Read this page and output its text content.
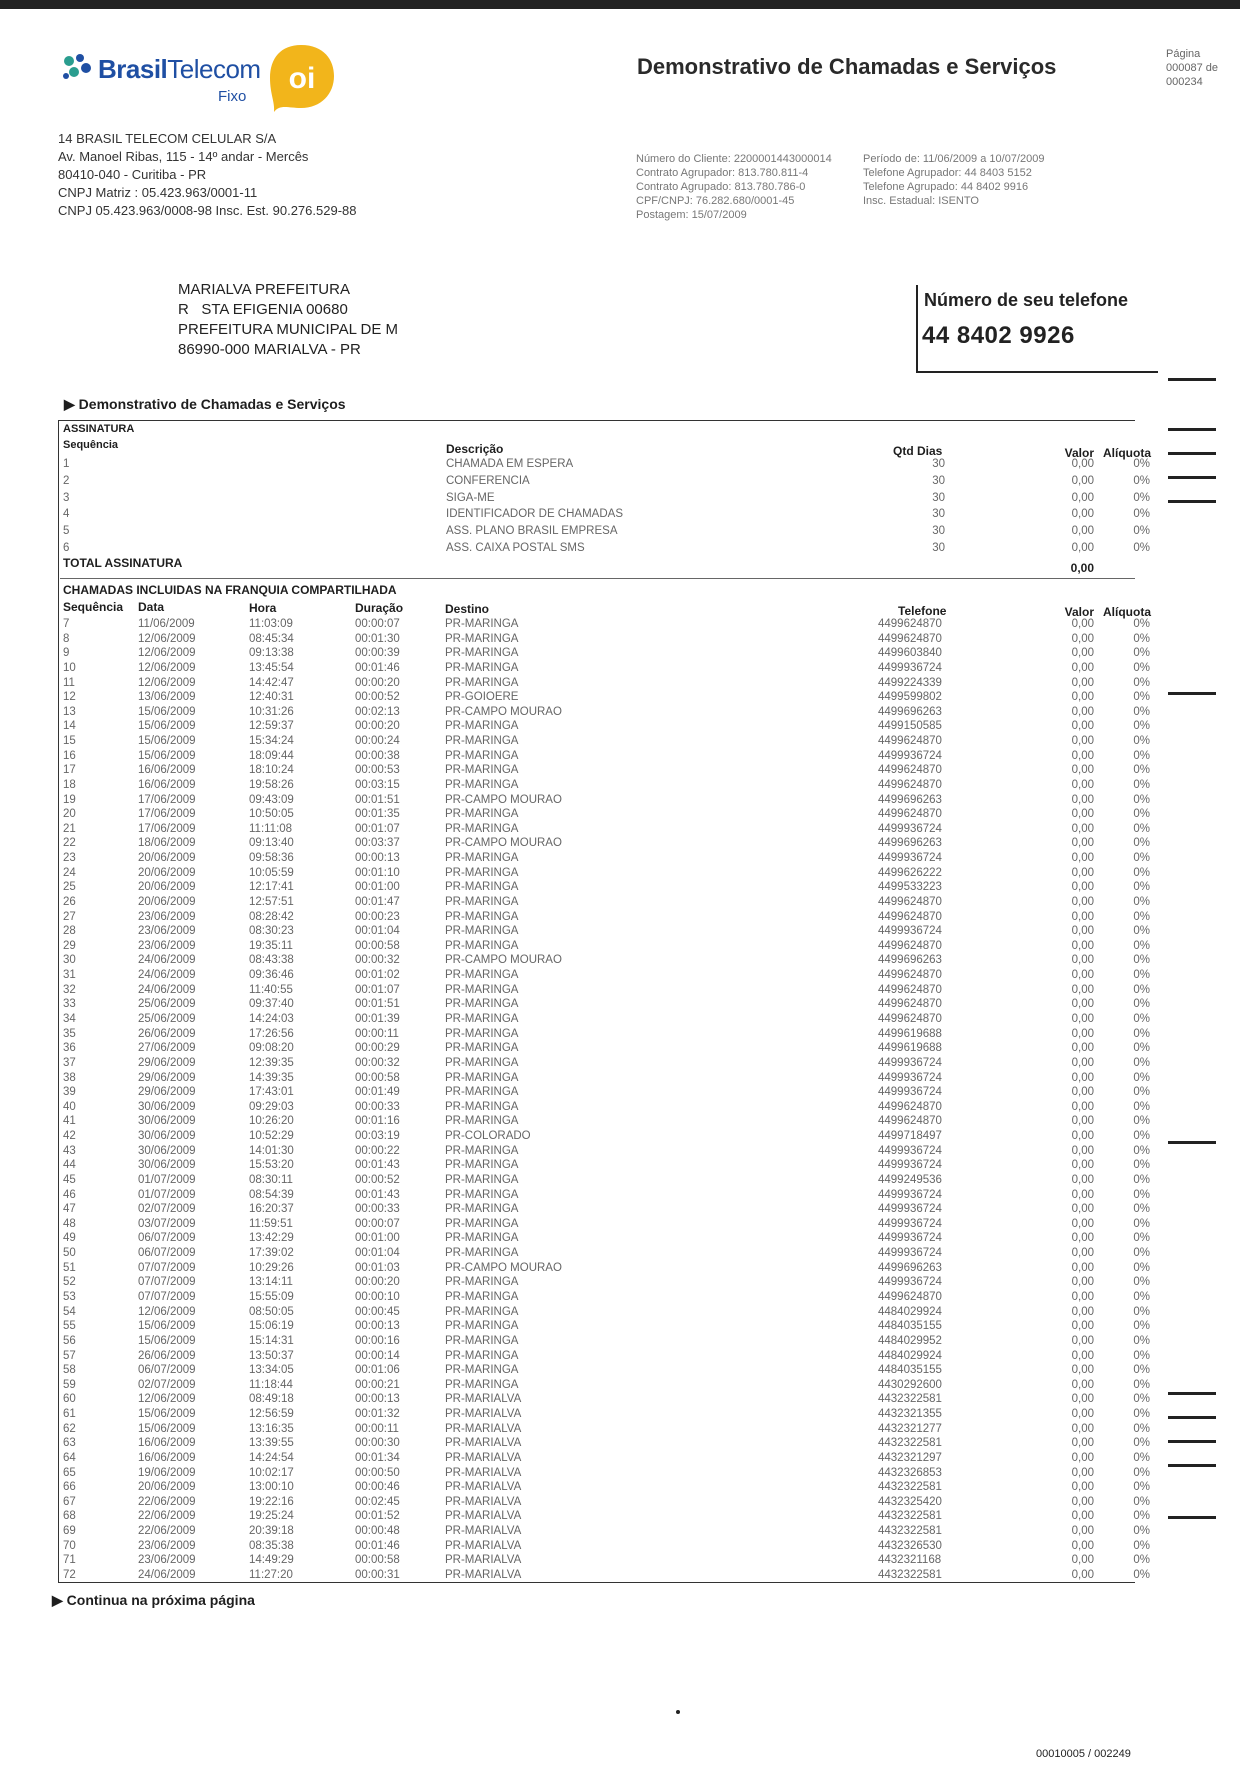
BrasilTelecom
Fixo
oi	Demonstrativo de Chamadas e Serviços	Página
000087 de 000234
14 BRASIL TELECOM CELULAR S/A
Av. Manoel Ribas, 115 - 14º andar - Mercês
80410-040 - Curitiba - PR
CNPJ Matriz : 05.423.963/0001-11
CNPJ 05.423.963/0008-98 Insc. Est. 90.276.529-88
Número do Cliente: 2200001443000014
Contrato Agrupador: 813.780.811-4
Contrato Agrupado: 813.780.786-0
CPF/CNPJ: 76.282.680/0001-45
Postagem: 15/07/2009
Período de: 11/06/2009 a 10/07/2009
Telefone Agrupador: 44 8403 5152
Telefone Agrupado: 44 8402 9916
Insc. Estadual: ISENTO
MARIALVA PREFEITURA
R   STA EFIGENIA 00680
PREFEITURA MUNICIPAL DE M
86990-000 MARIALVA - PR
Número de seu telefone
44 8402 9926
▶ Demonstrativo de Chamadas e Serviços
ASSINATURA
Sequência	Descrição	Qtd Dias	Valor Alíquota
1	CHAMADA EM ESPERA	30	0,00	0%
2	CONFERENCIA	30	0,00	0%
3	SIGA-ME	30	0,00	0%
4	IDENTIFICADOR DE CHAMADAS	30	0,00	0%
5	ASS. PLANO BRASIL EMPRESA	30	0,00	0%
6	ASS. CAIXA POSTAL SMS	30	0,00	0%
TOTAL ASSINATURA	0,00
CHAMADAS INCLUIDAS NA FRANQUIA COMPARTILHADA
Sequência Data	Hora	Duração	Destino	Telefone	Valor Alíquota
7	11/06/2009	11:03:09	00:00:07	PR-MARINGA	4499624870	0,00	0%
8	12/06/2009	08:45:34	00:01:30	PR-MARINGA	4499624870	0,00	0%
9	12/06/2009	09:13:38	00:00:39	PR-MARINGA	4499603840	0,00	0%
10	12/06/2009	13:45:54	00:01:46	PR-MARINGA	4499936724	0,00	0%
11	12/06/2009	14:42:47	00:00:20	PR-MARINGA	4499224339	0,00	0%
12	13/06/2009	12:40:31	00:00:52	PR-GOIOERE	4499599802	0,00	0%
13	15/06/2009	10:31:26	00:02:13	PR-CAMPO MOURAO	4499696263	0,00	0%
14	15/06/2009	12:59:37	00:00:20	PR-MARINGA	4499150585	0,00	0%
15	15/06/2009	15:34:24	00:00:24	PR-MARINGA	4499624870	0,00	0%
16	15/06/2009	18:09:44	00:00:38	PR-MARINGA	4499936724	0,00	0%
17	16/06/2009	18:10:24	00:00:53	PR-MARINGA	4499624870	0,00	0%
18	16/06/2009	19:58:26	00:03:15	PR-MARINGA	4499624870	0,00	0%
19	17/06/2009	09:43:09	00:01:51	PR-CAMPO MOURAO	4499696263	0,00	0%
20	17/06/2009	10:50:05	00:01:35	PR-MARINGA	4499624870	0,00	0%
21	17/06/2009	11:11:08	00:01:07	PR-MARINGA	4499936724	0,00	0%
22	18/06/2009	09:13:40	00:03:37	PR-CAMPO MOURAO	4499696263	0,00	0%
23	20/06/2009	09:58:36	00:00:13	PR-MARINGA	4499936724	0,00	0%
24	20/06/2009	10:05:59	00:01:10	PR-MARINGA	4499626222	0,00	0%
25	20/06/2009	12:17:41	00:01:00	PR-MARINGA	4499533223	0,00	0%
26	20/06/2009	12:57:51	00:01:47	PR-MARINGA	4499624870	0,00	0%
27	23/06/2009	08:28:42	00:00:23	PR-MARINGA	4499624870	0,00	0%
28	23/06/2009	08:30:23	00:01:04	PR-MARINGA	4499936724	0,00	0%
29	23/06/2009	19:35:11	00:00:58	PR-MARINGA	4499624870	0,00	0%
30	24/06/2009	08:43:38	00:00:32	PR-CAMPO MOURAO	4499696263	0,00	0%
31	24/06/2009	09:36:46	00:01:02	PR-MARINGA	4499624870	0,00	0%
32	24/06/2009	11:40:55	00:01:07	PR-MARINGA	4499624870	0,00	0%
33	25/06/2009	09:37:40	00:01:51	PR-MARINGA	4499624870	0,00	0%
34	25/06/2009	14:24:03	00:01:39	PR-MARINGA	4499624870	0,00	0%
35	26/06/2009	17:26:56	00:00:11	PR-MARINGA	4499619688	0,00	0%
36	27/06/2009	09:08:20	00:00:29	PR-MARINGA	4499619688	0,00	0%
37	29/06/2009	12:39:35	00:00:32	PR-MARINGA	4499936724	0,00	0%
38	29/06/2009	14:39:35	00:00:58	PR-MARINGA	4499936724	0,00	0%
39	29/06/2009	17:43:01	00:01:49	PR-MARINGA	4499936724	0,00	0%
40	30/06/2009	09:29:03	00:00:33	PR-MARINGA	4499624870	0,00	0%
41	30/06/2009	10:26:20	00:01:16	PR-MARINGA	4499624870	0,00	0%
42	30/06/2009	10:52:29	00:03:19	PR-COLORADO	4499718497	0,00	0%
43	30/06/2009	14:01:30	00:00:22	PR-MARINGA	4499936724	0,00	0%
44	30/06/2009	15:53:20	00:01:43	PR-MARINGA	4499936724	0,00	0%
45	01/07/2009	08:30:11	00:00:52	PR-MARINGA	4499249536	0,00	0%
46	01/07/2009	08:54:39	00:01:43	PR-MARINGA	4499936724	0,00	0%
47	02/07/2009	16:20:37	00:00:33	PR-MARINGA	4499936724	0,00	0%
48	03/07/2009	11:59:51	00:00:07	PR-MARINGA	4499936724	0,00	0%
49	06/07/2009	13:42:29	00:01:00	PR-MARINGA	4499936724	0,00	0%
50	06/07/2009	17:39:02	00:01:04	PR-MARINGA	4499936724	0,00	0%
51	07/07/2009	10:29:26	00:01:03	PR-CAMPO MOURAO	4499696263	0,00	0%
52	07/07/2009	13:14:11	00:00:20	PR-MARINGA	4499936724	0,00	0%
53	07/07/2009	15:55:09	00:00:10	PR-MARINGA	4499624870	0,00	0%
54	12/06/2009	08:50:05	00:00:45	PR-MARINGA	4484029924	0,00	0%
55	15/06/2009	15:06:19	00:00:13	PR-MARINGA	4484035155	0,00	0%
56	15/06/2009	15:14:31	00:00:16	PR-MARINGA	4484029952	0,00	0%
57	26/06/2009	13:50:37	00:00:14	PR-MARINGA	4484029924	0,00	0%
58	06/07/2009	13:34:05	00:01:06	PR-MARINGA	4484035155	0,00	0%
59	02/07/2009	11:18:44	00:00:21	PR-MARINGA	4430292600	0,00	0%
60	12/06/2009	08:49:18	00:00:13	PR-MARIALVA	4432322581	0,00	0%
61	15/06/2009	12:56:59	00:01:32	PR-MARIALVA	4432321355	0,00	0%
62	15/06/2009	13:16:35	00:00:11	PR-MARIALVA	4432321277	0,00	0%
63	16/06/2009	13:39:55	00:00:30	PR-MARIALVA	4432322581	0,00	0%
64	16/06/2009	14:24:54	00:01:34	PR-MARIALVA	4432321297	0,00	0%
65	19/06/2009	10:02:17	00:00:50	PR-MARIALVA	4432326853	0,00	0%
66	20/06/2009	13:00:10	00:00:46	PR-MARIALVA	4432322581	0,00	0%
67	22/06/2009	19:22:16	00:02:45	PR-MARIALVA	4432325420	0,00	0%
68	22/06/2009	19:25:24	00:01:52	PR-MARIALVA	4432322581	0,00	0%
69	22/06/2009	20:39:18	00:00:48	PR-MARIALVA	4432322581	0,00	0%
70	23/06/2009	08:35:38	00:01:46	PR-MARIALVA	4432326530	0,00	0%
71	23/06/2009	14:49:29	00:00:58	PR-MARIALVA	4432321168	0,00	0%
72	24/06/2009	11:27:20	00:00:31	PR-MARIALVA	4432322581	0,00	0%
▶ Continua na próxima página
00010005 / 002249
